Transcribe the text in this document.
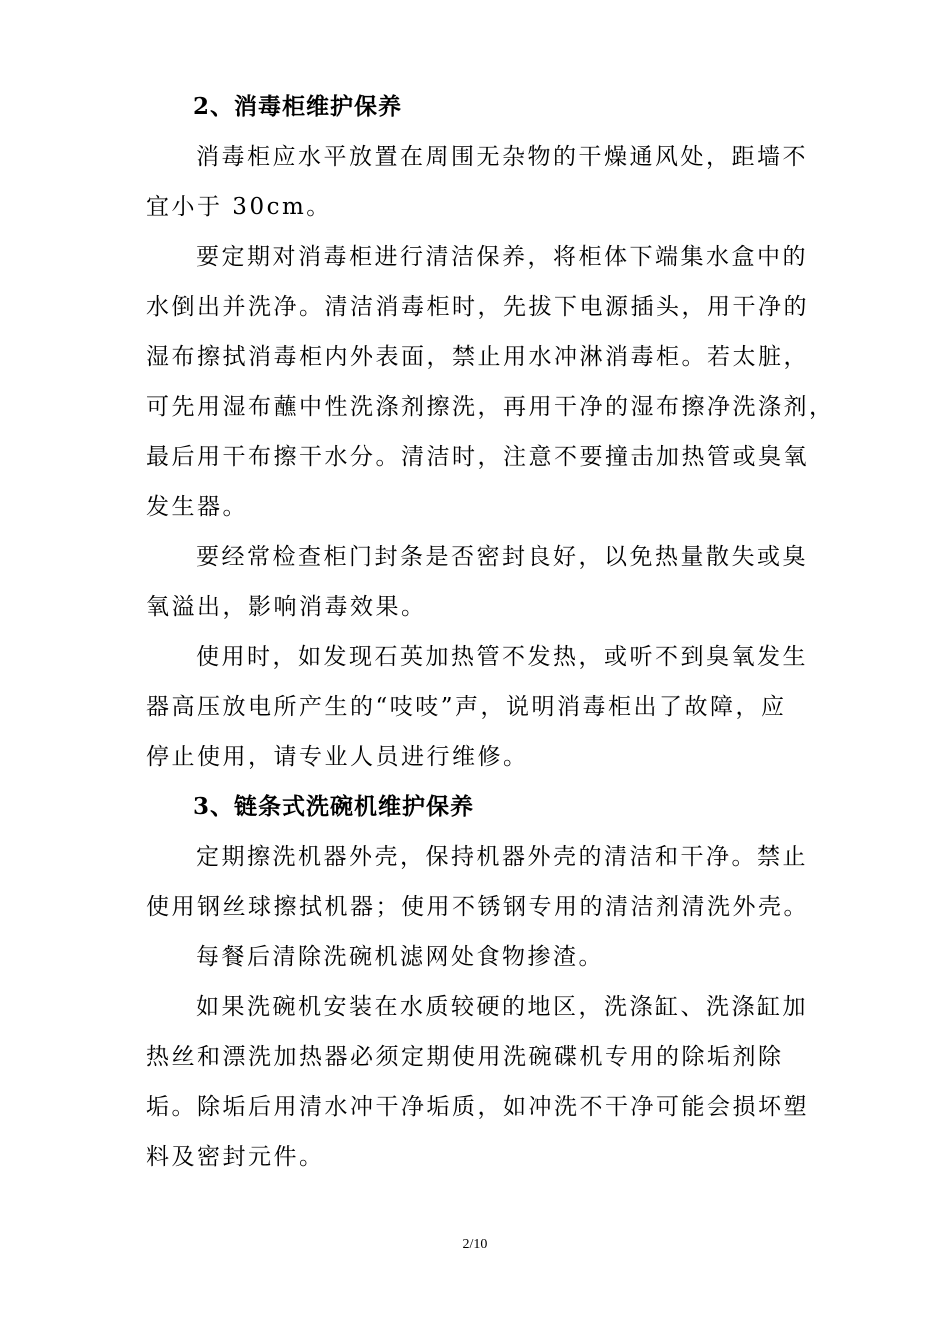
2、消毒柜维护保养

消毒柜应水平放置在周围无杂物的干燥通风处，距墙不
宜小于 30cm。

要定期对消毒柜进行清洁保养，将柜体下端集水盒中的
水倒出并洗净。清洁消毒柜时，先拔下电源插头，用干净的
湿布擦拭消毒柜内外表面，禁止用水冲淋消毒柜。若太脏，
可先用湿布蘸中性洗涤剂擦洗，再用干净的湿布擦净洗涤剂，
最后用干布擦干水分。清洁时，注意不要撞击加热管或臭氧
发生器。

要经常检查柜门封条是否密封良好，以免热量散失或臭
氧溢出，影响消毒效果。

使用时，如发现石英加热管不发热，或听不到臭氧发生
器高压放电所产生的“吱吱”声，说明消毒柜出了故障，应
停止使用，请专业人员进行维修。

3、链条式洗碗机维护保养

定期擦洗机器外壳，保持机器外壳的清洁和干净。禁止
使用钢丝球擦拭机器；使用不锈钢专用的清洁剂清洗外壳。

每餐后清除洗碗机滤网处食物掺渣。

如果洗碗机安装在水质较硬的地区，洗涤缸、洗涤缸加
热丝和漂洗加热器必须定期使用洗碗碟机专用的除垢剂除
垢。除垢后用清水冲干净垢质，如冲洗不干净可能会损坏塑
料及密封元件。

2/10
